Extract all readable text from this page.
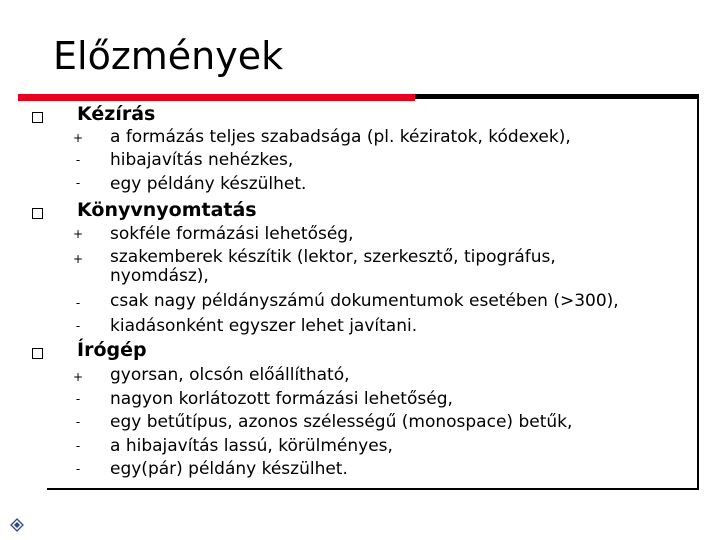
Előzmények
Kézírás
+ a formázás teljes szabadsága (pl. kéziratok, kódexek),
- hibajavítás nehézkes,
- egy példány készülhet.
Könyvnyomtatás
+ sokféle formázási lehetőség,
+ szakemberek készítik (lektor, szerkesztő, tipográfus,
nyomdász),
- csak nagy példányszámú dokumentumok esetében (>300),
- kiadásonként egyszer lehet javítani.
Írógép
+ gyorsan, olcsón előállítható,
- nagyon korlátozott formázási lehetőség,
- egy betűtípus, azonos szélességű (monospace) betűk,
- a hibajavítás lassú, körülményes,
- egy(pár) példány készülhet.
